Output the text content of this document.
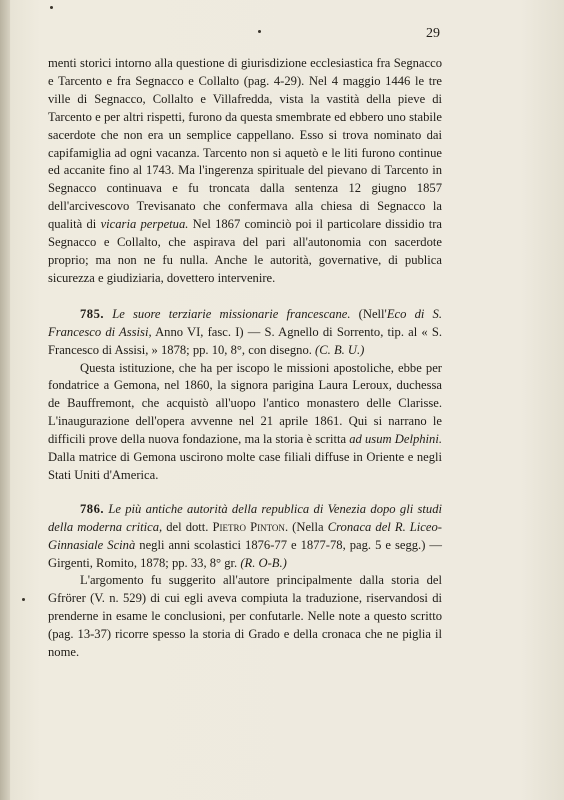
29

menti storici intorno alla questione di giurisdizione ecclesiastica fra Segnacco e Tarcento e fra Segnacco e Collalto (pag. 4-29). Nel 4 maggio 1446 le tre ville di Segnacco, Collalto e Villafredda, vista la vastità della pieve di Tarcento e per altri rispetti, furono da questa smembrate ed ebbero uno stabile sacerdote che non era un semplice cappellano. Esso si trova nominato dai capifamiglia ad ogni vacanza. Tarcento non si aquetò e le liti furono continue ed accanite fino al 1743. Ma l'ingerenza spirituale del pievano di Tarcento in Segnacco continuava e fu troncata dalla sentenza 12 giugno 1857 dell'arcivescovo Trevisanato che confermava alla chiesa di Segnacco la qualità di vicaria perpetua. Nel 1867 cominciò poi il particolare dissidio tra Segnacco e Collalto, che aspirava del pari all'autonomia con sacerdote proprio; ma non ne fu nulla. Anche le autorità, governative, di publica sicurezza e giudiziaria, dovettero intervenire.

785. Le suore terziarie missionarie francescane. (Nell'Eco di S. Francesco di Assisi, Anno VI, fasc. I) — S. Agnello di Sorrento, tip. al « S. Francesco di Assisi, » 1878; pp. 10, 8°, con disegno. (C. B. U.)

Questa istituzione, che ha per iscopo le missioni apostoliche, ebbe per fondatrice a Gemona, nel 1860, la signora parigina Laura Leroux, duchessa de Bauffremont, che acquistò all'uopo l'antico monastero delle Clarisse. L'inaugurazione dell'opera avvenne nel 21 aprile 1861. Qui si narrano le difficili prove della nuova fondazione, ma la storia è scritta ad usum Delphini. Dalla matrice di Gemona uscirono molte case filiali diffuse in Oriente e negli Stati Uniti d'America.

786. Le più antiche autorità della republica di Venezia dopo gli studi della moderna critica, del dott. Pietro Pinton. (Nella Cronaca del R. Liceo-Ginnasiale Scinà negli anni scolastici 1876-77 e 1877-78, pag. 5 e segg.) — Girgenti, Romito, 1878; pp. 33, 8° gr. (R. O-B.)

L'argomento fu suggerito all'autore principalmente dalla storia del Gfrörer (V. n. 529) di cui egli aveva compiuta la traduzione, riservandosi di prenderne in esame le conclusioni, per confutarle. Nelle note a questo scritto (pag. 13-37) ricorre spesso la storia di Grado e della cronaca che ne piglia il nome.
